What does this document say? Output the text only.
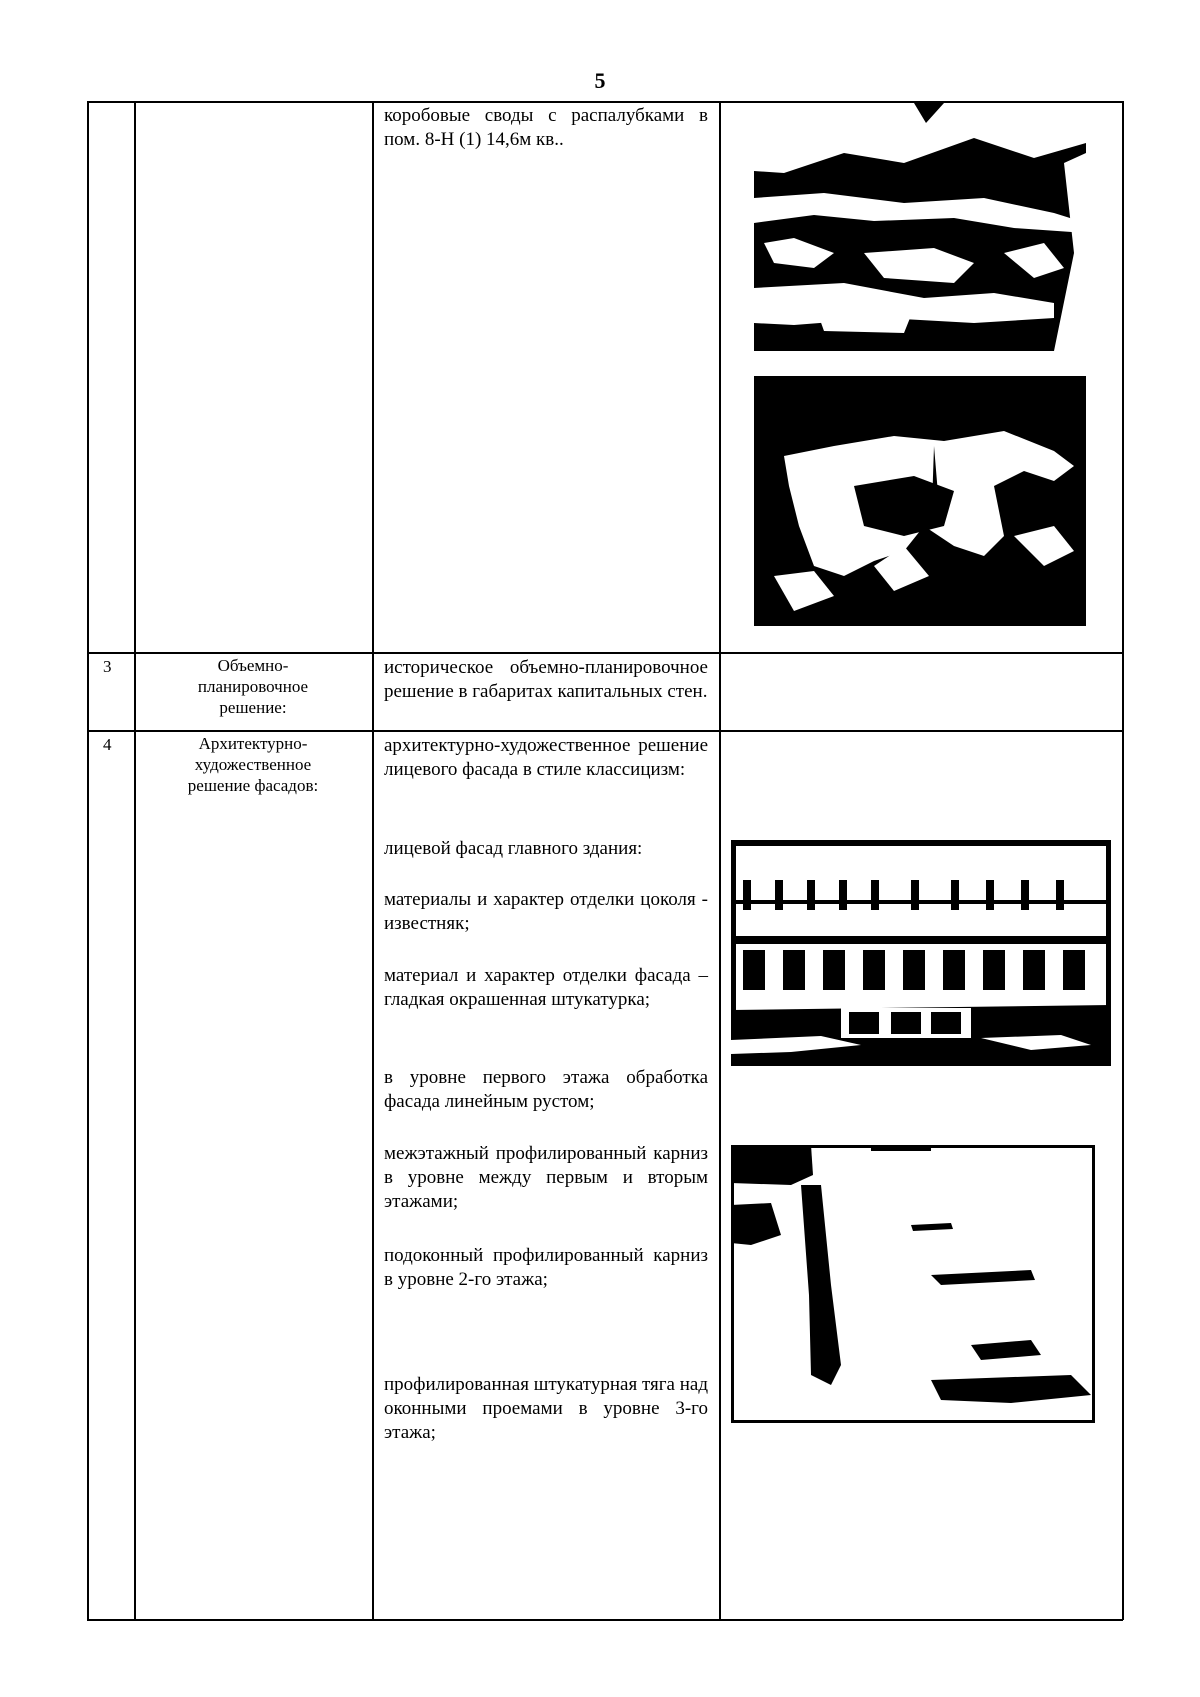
5
коробовые своды с распалубками в пом. 8-Н (1) 14,6м кв..
3	Объемно-планировочное решение:
историческое объемно-планировочное решение в габаритах капитальных стен.
4	Архитектурно-художественное решение фасадов:
архитектурно-художественное решение лицевого фасада в стиле классицизм:
лицевой фасад главного здания:
материалы и характер отделки цоколя - известняк;
материал и характер отделки фасада – гладкая окрашенная штукатурка;
в уровне первого этажа обработка фасада линейным рустом;
межэтажный профилированный карниз в уровне между первым и вторым этажами;
подоконный профилированный карниз в уровне 2-го этажа;
профилированная штукатурная тяга над оконными проемами в уровне 3-го этажа;
